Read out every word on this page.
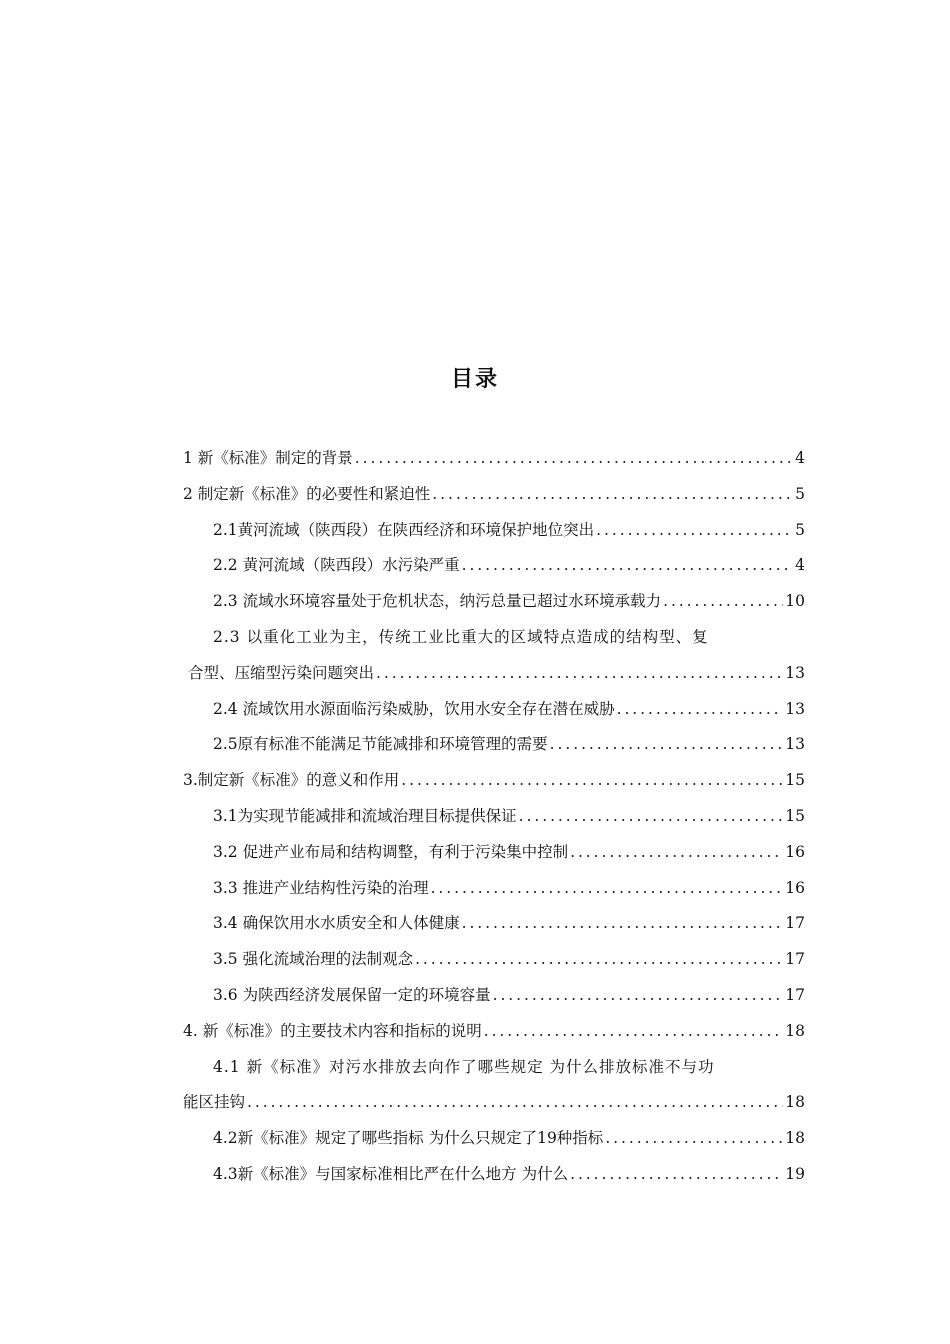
目录
1 新《标准》制定的背景 . . .	4
2 制定新《标准》的必要性和紧迫性 . . .	5
2.1黄河流域（陕西段）在陕西经济和环境保护地位突出 . . .	5
2.2 黄河流域（陕西段）水污染严重 . . .	4
2.3 流域水环境容量处于危机状态，纳污总量已超过水环境承载力 . . .	10
2.3 以重化工业为主，传统工业比重大的区域特点造成的结构型、复
合型、压缩型污染问题突出 . . .	13
2.4 流域饮用水源面临污染威胁，饮用水安全存在潜在威胁 . . .	13
2.5原有标准不能满足节能减排和环境管理的需要 . . .	13
3.制定新《标准》的意义和作用 . . .	15
3.1为实现节能减排和流域治理目标提供保证 . . .	15
3.2 促进产业布局和结构调整，有利于污染集中控制 . . .	16
3.3 推进产业结构性污染的治理 . . .	16
3.4 确保饮用水水质安全和人体健康 . . .	17
3.5 强化流域治理的法制观念 . . .	17
3.6 为陕西经济发展保留一定的环境容量 . . .	17
4. 新《标准》的主要技术内容和指标的说明 . . .	18
4.1 新《标准》对污水排放去向作了哪些规定 为什么排放标准不与功
能区挂钩 . . .	18
4.2新《标准》规定了哪些指标 为什么只规定了19种指标 . . .	18
4.3新《标准》与国家标准相比严在什么地方 为什么 . . .	19
